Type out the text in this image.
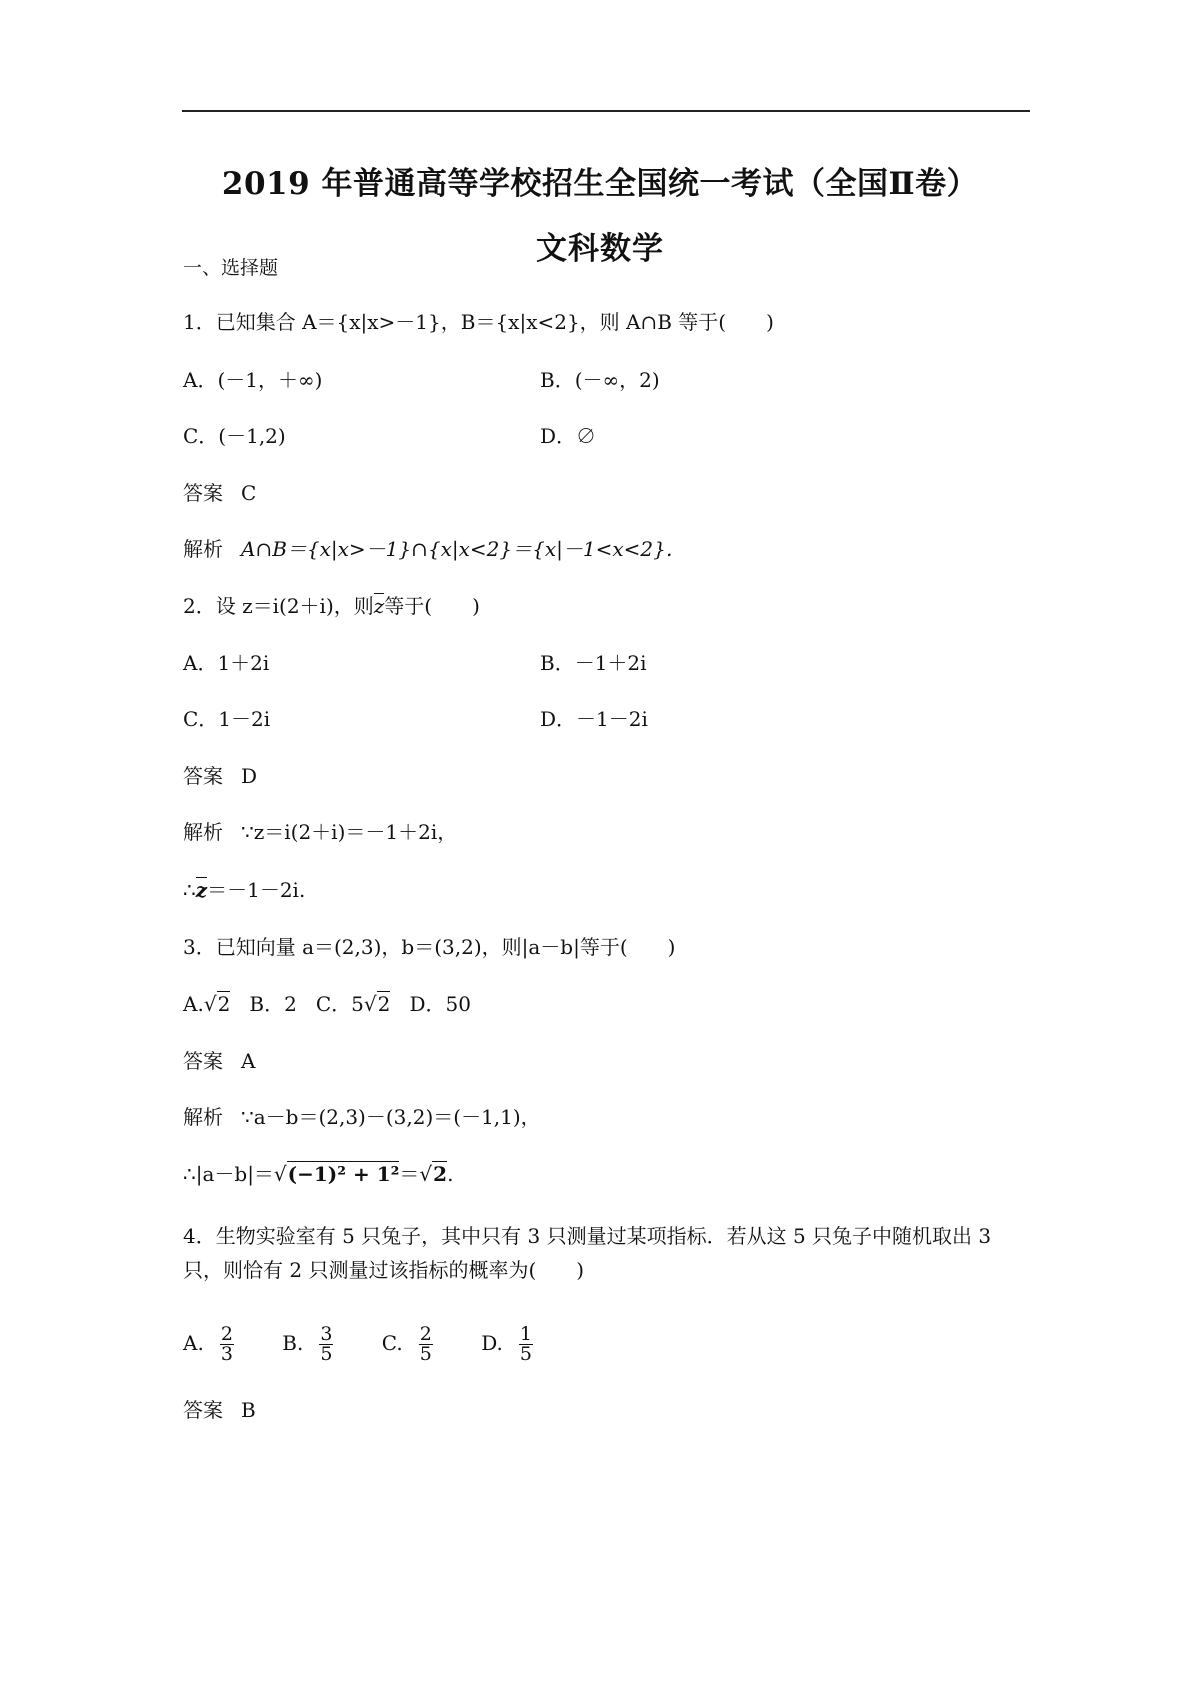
2019 年普通高等学校招生全国统一考试（全国Ⅱ卷）
文科数学
一、选择题
1．已知集合 A＝{x|x>－1}，B＝{x|x<2}，则 A∩B 等于(　　)
A．(－1，＋∞)	B．(－∞，2)
C．(－1,2)	D．∅
答案 C
解析 A∩B＝{x|x>－1}∩{x|x<2}＝{x|－1<x<2}．
2．设 z＝i(2＋i)，则z等于(　　)
A．1＋2i	B．－1＋2i
C．1－2i	D．－1－2i
答案 D
解析 ∵z＝i(2＋i)＝－1＋2i，
∴z＝－1－2i.
3．已知向量 a＝(2,3)，b＝(3,2)，则|a－b|等于(　　)
A.√2 B．2 C．5√2 D．50
答案 A
解析 ∵a－b＝(2,3)－(3,2)＝(－1,1)，
∴|a－b|＝√(−1)² + 1²＝√2.
4．生物实验室有 5 只兔子，其中只有 3 只测量过某项指标．若从这 5 只兔子中随机取出 3
只，则恰有 2 只测量过该指标的概率为(　　)
A. $\frac{2}{3} B$. $\frac{3}{5} C$. $\frac{2}{5} D$. $\frac{1}{5}$
答案 B
